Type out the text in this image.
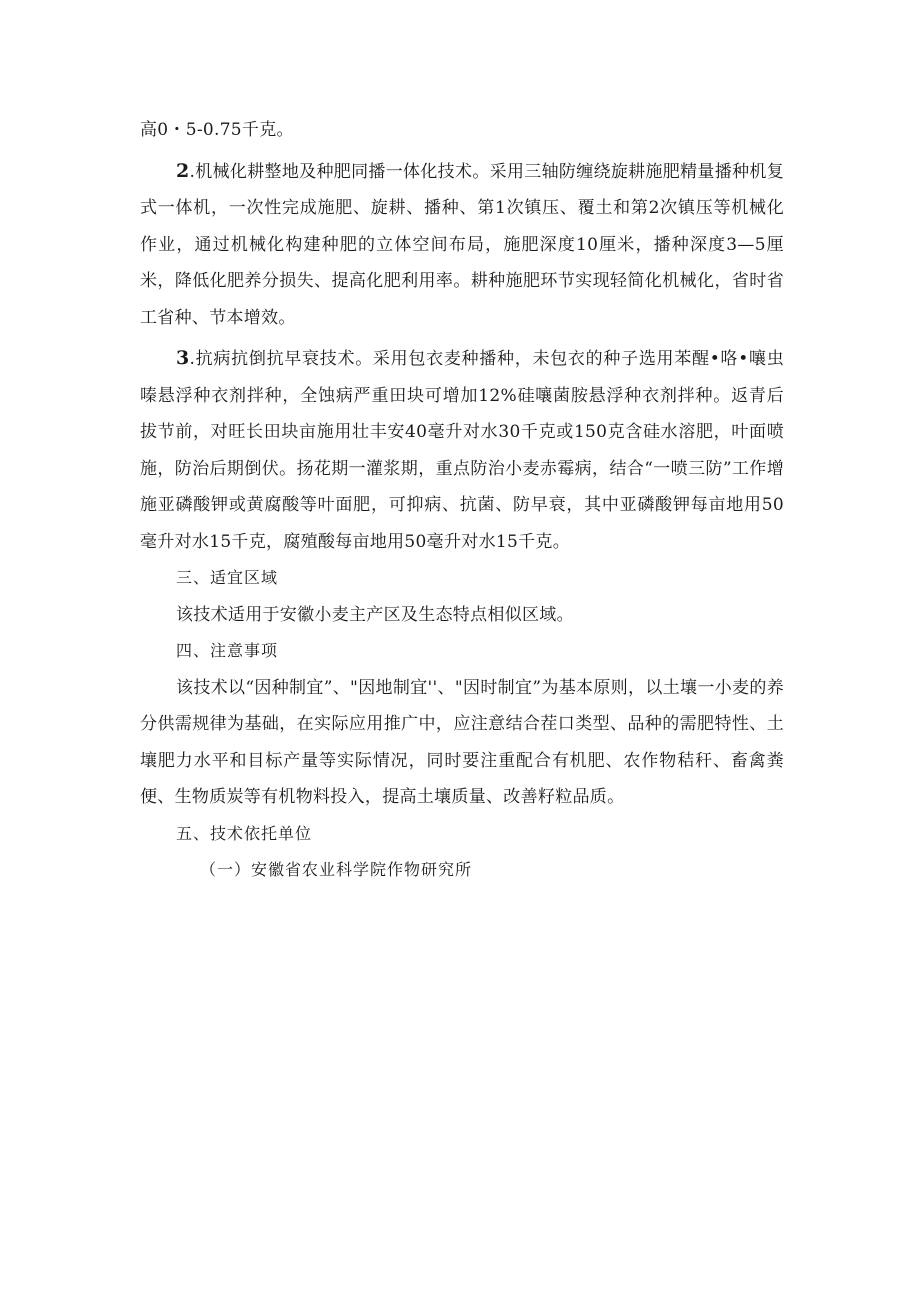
高0・5-0.75千克。

2.机械化耕整地及种肥同播一体化技术。采用三轴防缠绕旋耕施肥精量播种机复式一体机，一次性完成施肥、旋耕、播种、第1次镇压、覆土和第2次镇压等机械化作业，通过机械化构建种肥的立体空间布局，施肥深度10厘米，播种深度3—5厘米，降低化肥养分损失、提高化肥利用率。耕种施肥环节实现轻简化机械化，省时省工省种、节本增效。

3.抗病抗倒抗早衰技术。采用包衣麦种播种，未包衣的种子选用苯醒•咯•嚷虫嗪悬浮种衣剂拌种，全蚀病严重田块可增加12%硅嚷菌胺悬浮种衣剂拌种。返青后拔节前，对旺长田块亩施用壮丰安40毫升对水30千克或150克含硅水溶肥，叶面喷施，防治后期倒伏。扬花期一灌浆期，重点防治小麦赤霉病，结合“一喷三防”工作增施亚磷酸钾或黄腐酸等叶面肥，可抑病、抗菌、防早衰，其中亚磷酸钾每亩地用50毫升对水15千克，腐殖酸每亩地用50毫升对水15千克。

三、适宜区域

该技术适用于安徽小麦主产区及生态特点相似区域。

四、注意事项

该技术以“因种制宜”、"因地制宜''、"因时制宜”为基本原则，以土壤一小麦的养分供需规律为基础，在实际应用推广中，应注意结合茬口类型、品种的需肥特性、土壤肥力水平和目标产量等实际情况，同时要注重配合有机肥、农作物秸秆、畜禽粪便、生物质炭等有机物料投入，提高土壤质量、改善籽粒品质。

五、技术依托单位

（一）安徽省农业科学院作物研究所
